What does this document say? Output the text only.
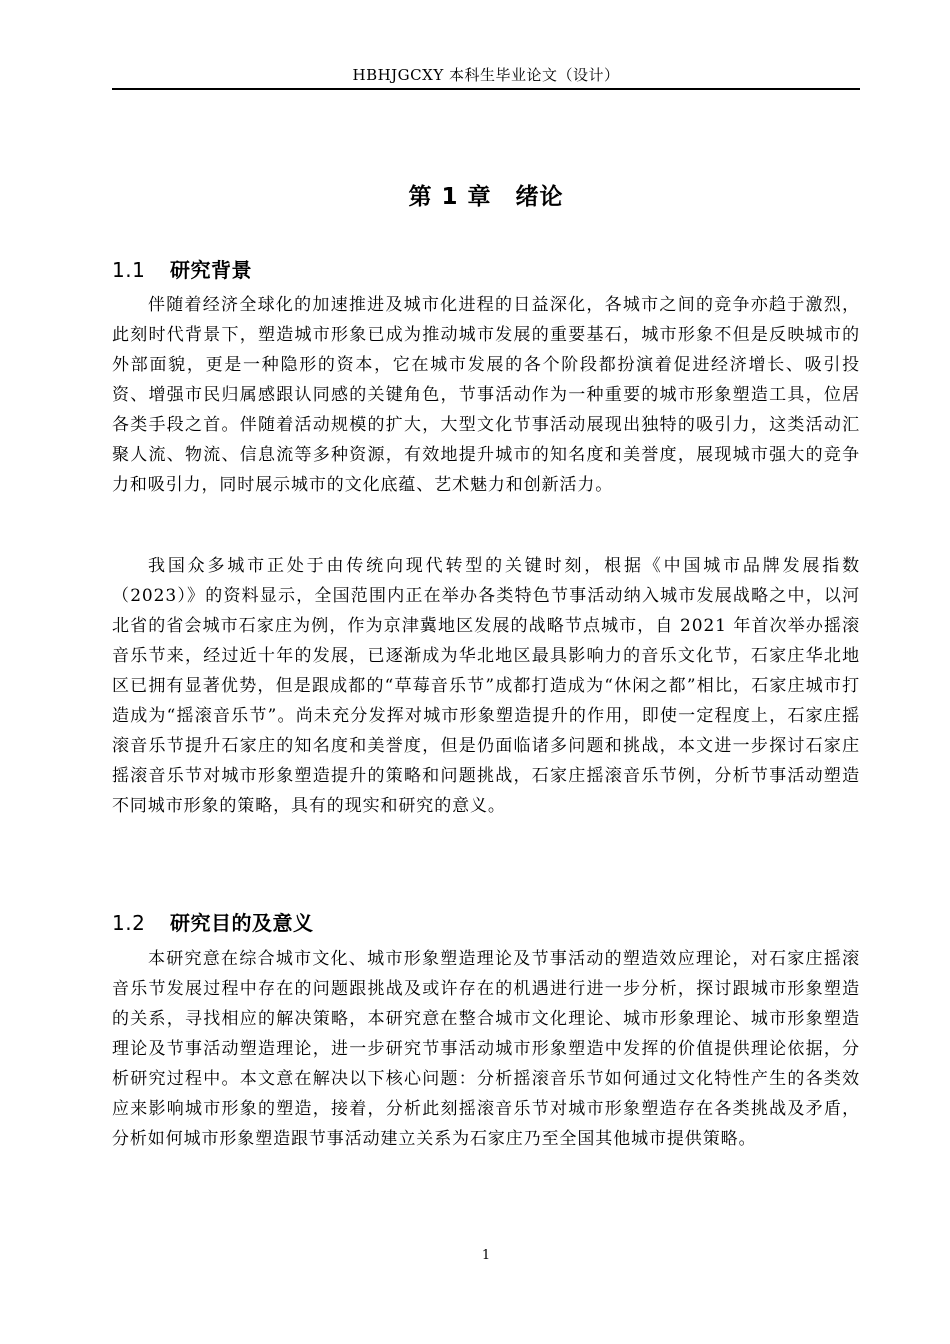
HBHJGCXY 本科生毕业论文（设计）
第 1 章 绪论
1.1 研究背景

伴随着经济全球化的加速推进及城市化进程的日益深化，各城市之间的竞争亦趋于激烈，此刻时代背景下，塑造城市形象已成为推动城市发展的重要基石，城市形象不但是反映城市的外部面貌，更是一种隐形的资本，它在城市发展的各个阶段都扮演着促进经济增长、吸引投资、增强市民归属感跟认同感的关键角色，节事活动作为一种重要的城市形象塑造工具，位居各类手段之首。伴随着活动规模的扩大，大型文化节事活动展现出独特的吸引力，这类活动汇聚人流、物流、信息流等多种资源，有效地提升城市的知名度和美誉度，展现城市强大的竞争力和吸引力，同时展示城市的文化底蕴、艺术魅力和创新活力。

我国众多城市正处于由传统向现代转型的关键时刻，根据《中国城市品牌发展指数（2023）》的资料显示，全国范围内正在举办各类特色节事活动纳入城市发展战略之中，以河北省的省会城市石家庄为例，作为京津冀地区发展的战略节点城市，自 2021 年首次举办摇滚音乐节来，经过近十年的发展，已逐渐成为华北地区最具影响力的音乐文化节，石家庄华北地区已拥有显著优势，但是跟成都的“草莓音乐节”成都打造成为“休闲之都”相比，石家庄城市打造成为“摇滚音乐节”。尚未充分发挥对城市形象塑造提升的作用，即使一定程度上，石家庄摇滚音乐节提升石家庄的知名度和美誉度，但是仍面临诸多问题和挑战，本文进一步探讨石家庄摇滚音乐节对城市形象塑造提升的策略和问题挑战，石家庄摇滚音乐节例，分析节事活动塑造不同城市形象的策略，具有的现实和研究的意义。

1.2 研究目的及意义

本研究意在综合城市文化、城市形象塑造理论及节事活动的塑造效应理论，对石家庄摇滚音乐节发展过程中存在的问题跟挑战及或许存在的机遇进行进一步分析，探讨跟城市形象塑造的关系，寻找相应的解决策略，本研究意在整合城市文化理论、城市形象理论、城市形象塑造理论及节事活动塑造理论，进一步研究节事活动城市形象塑造中发挥的价值提供理论依据，分析研究过程中。本文意在解决以下核心问题：分析摇滚音乐节如何通过文化特性产生的各类效应来影响城市形象的塑造，接着，分析此刻摇滚音乐节对城市形象塑造存在各类挑战及矛盾，分析如何城市形象塑造跟节事活动建立关系为石家庄乃至全国其他城市提供策略。

1
